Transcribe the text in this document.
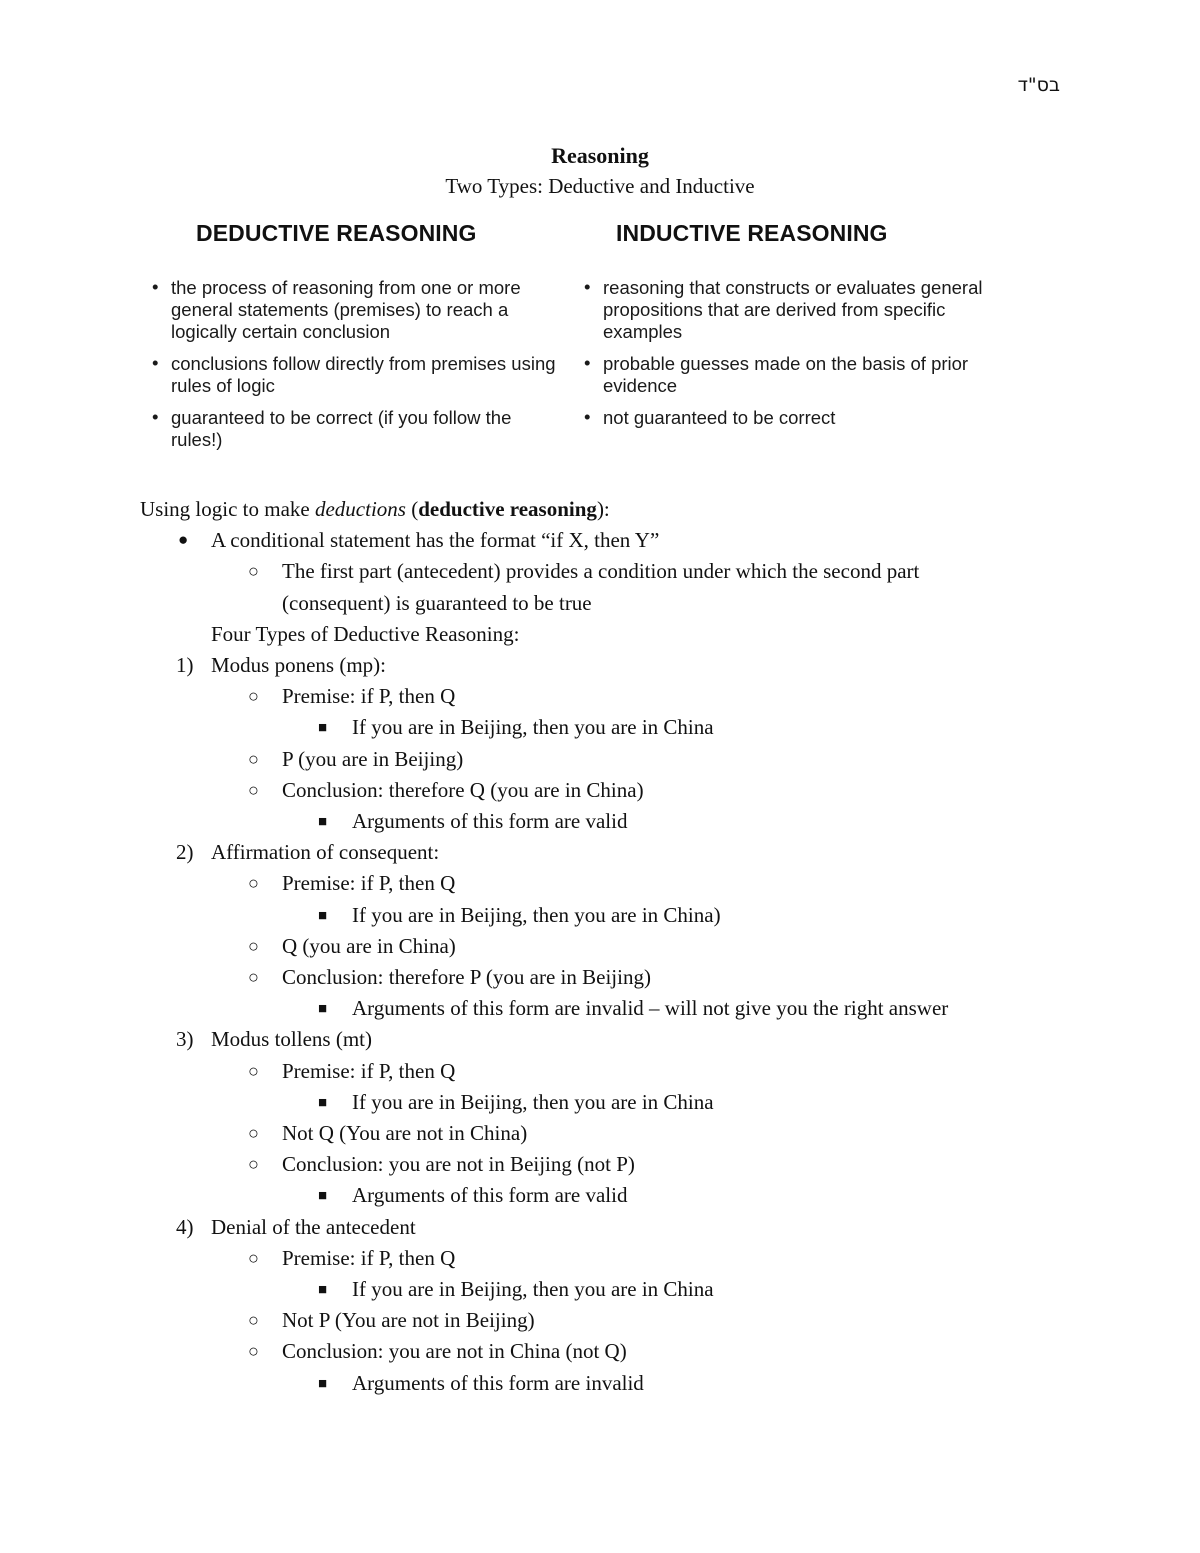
בס"ד
Reasoning
Two Types: Deductive and Inductive
DEDUCTIVE REASONING
• the process of reasoning from one or more general statements (premises) to reach a logically certain conclusion
• conclusions follow directly from premises using rules of logic
• guaranteed to be correct (if you follow the rules!)
INDUCTIVE REASONING
• reasoning that constructs or evaluates general propositions that are derived from specific examples
• probable guesses made on the basis of prior evidence
• not guaranteed to be correct
Using logic to make deductions (deductive reasoning):
● A conditional statement has the format “if X, then Y”
○ The first part (antecedent) provides a condition under which the second part
(consequent) is guaranteed to be true
Four Types of Deductive Reasoning:
1) Modus ponens (mp):
○ Premise: if P, then Q
■ If you are in Beijing, then you are in China
○ P (you are in Beijing)
○ Conclusion: therefore Q (you are in China)
■ Arguments of this form are valid
2) Affirmation of consequent:
○ Premise: if P, then Q
■ If you are in Beijing, then you are in China)
○ Q (you are in China)
○ Conclusion: therefore P (you are in Beijing)
■ Arguments of this form are invalid – will not give you the right answer
3) Modus tollens (mt)
○ Premise: if P, then Q
■ If you are in Beijing, then you are in China
○ Not Q (You are not in China)
○ Conclusion: you are not in Beijing (not P)
■ Arguments of this form are valid
4) Denial of the antecedent
○ Premise: if P, then Q
■ If you are in Beijing, then you are in China
○ Not P (You are not in Beijing)
○ Conclusion: you are not in China (not Q)
■ Arguments of this form are invalid
